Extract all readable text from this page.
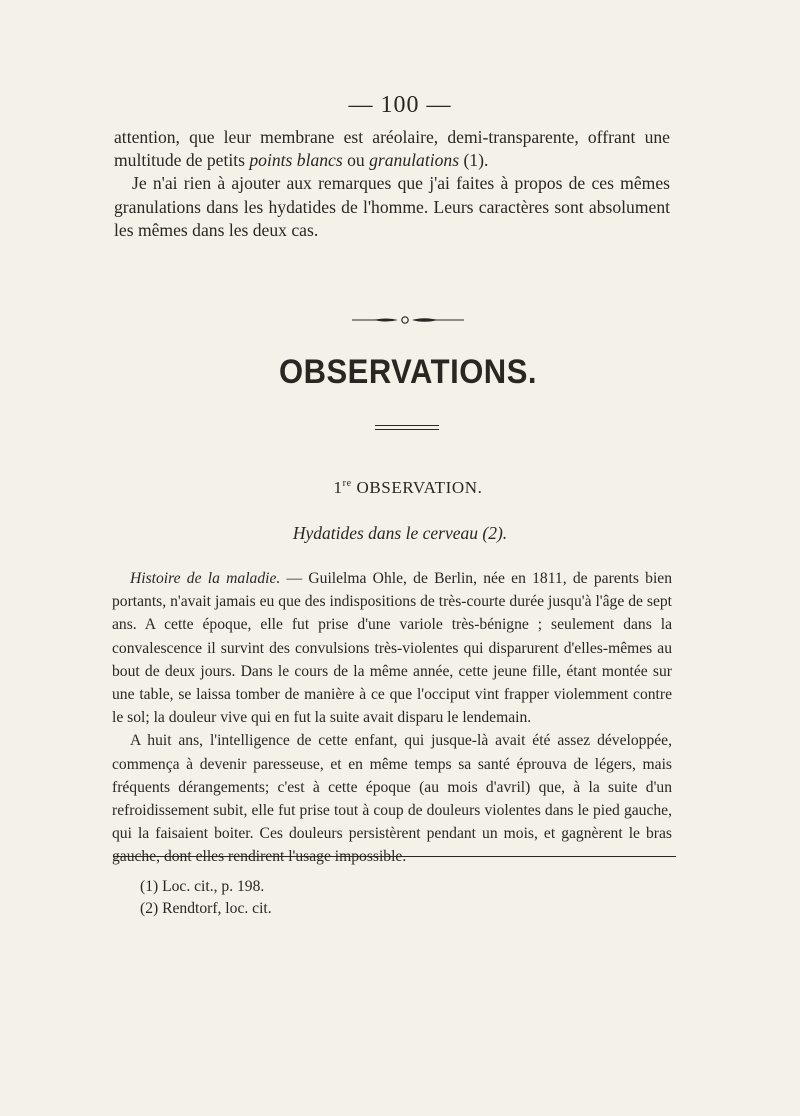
— 100 —

attention, que leur membrane est aréolaire, demi-transparente, offrant une multitude de petits points blancs ou granulations (1).

Je n'ai rien à ajouter aux remarques que j'ai faites à propos de ces mêmes granulations dans les hydatides de l'homme. Leurs caractères sont absolument les mêmes dans les deux cas.

OBSERVATIONS.
1re OBSERVATION.
Hydatides dans le cerveau (2).

Histoire de la maladie. — Guilelma Ohle, de Berlin, née en 1811, de parents bien portants, n'avait jamais eu que des indispositions de très-courte durée jusqu'à l'âge de sept ans. A cette époque, elle fut prise d'une variole très-bénigne ; seulement dans la convalescence il survint des convulsions très-violentes qui disparurent d'elles-mêmes au bout de deux jours. Dans le cours de la même année, cette jeune fille, étant montée sur une table, se laissa tomber de manière à ce que l'occiput vint frapper violemment contre le sol; la douleur vive qui en fut la suite avait disparu le lendemain.

A huit ans, l'intelligence de cette enfant, qui jusque-là avait été assez développée, commença à devenir paresseuse, et en même temps sa santé éprouva de légers, mais fréquents dérangements; c'est à cette époque (au mois d'avril) que, à la suite d'un refroidissement subit, elle fut prise tout à coup de douleurs violentes dans le pied gauche, qui la faisaient boiter. Ces douleurs persistèrent pendant un mois, et gagnèrent le bras gauche, dont elles rendirent l'usage impossible.

(1) Loc. cit., p. 198.

(2) Rendtorf, loc. cit.
